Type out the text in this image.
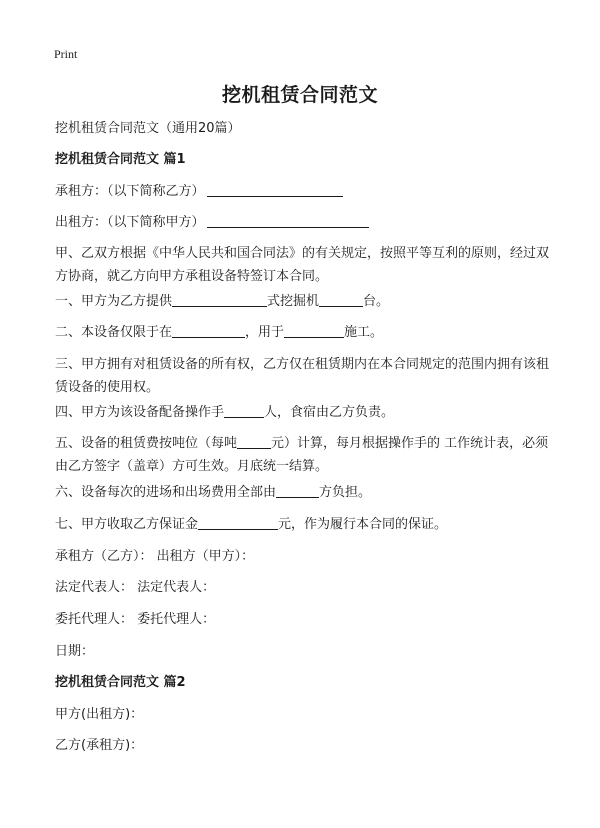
Print
挖机租赁合同范文
挖机租赁合同范文（通用20篇）
挖机租赁合同范文 篇1
承租方：（以下简称乙方）
出租方：（以下简称甲方）
甲、乙双方根据《中华人民共和国合同法》的有关规定，按照平等互利的原则，经过双方协商，就乙方向甲方承租设备特签订本合同。
一、甲方为乙方提供	式挖掘机	台。
二、本设备仅限于在	，用于	施工。
三、甲方拥有对租赁设备的所有权，乙方仅在租赁期内在本合同规定的范围内拥有该租赁设备的使用权。
四、甲方为该设备配备操作手	人，食宿由乙方负责。
五、设备的租赁费按吨位（每吨	元）计算，每月根据操作手的 工作统计表，必须由乙方签字（盖章）方可生效。月底统一结算。
六、设备每次的进场和出场费用全部由	方负担。
七、甲方收取乙方保证金	元，作为履行本合同的保证。
承租方（乙方）： 出租方（甲方）：
法定代表人： 法定代表人：
委托代理人： 委托代理人：
日期：
挖机租赁合同范文 篇2
甲方(出租方)：
乙方(承租方)：
